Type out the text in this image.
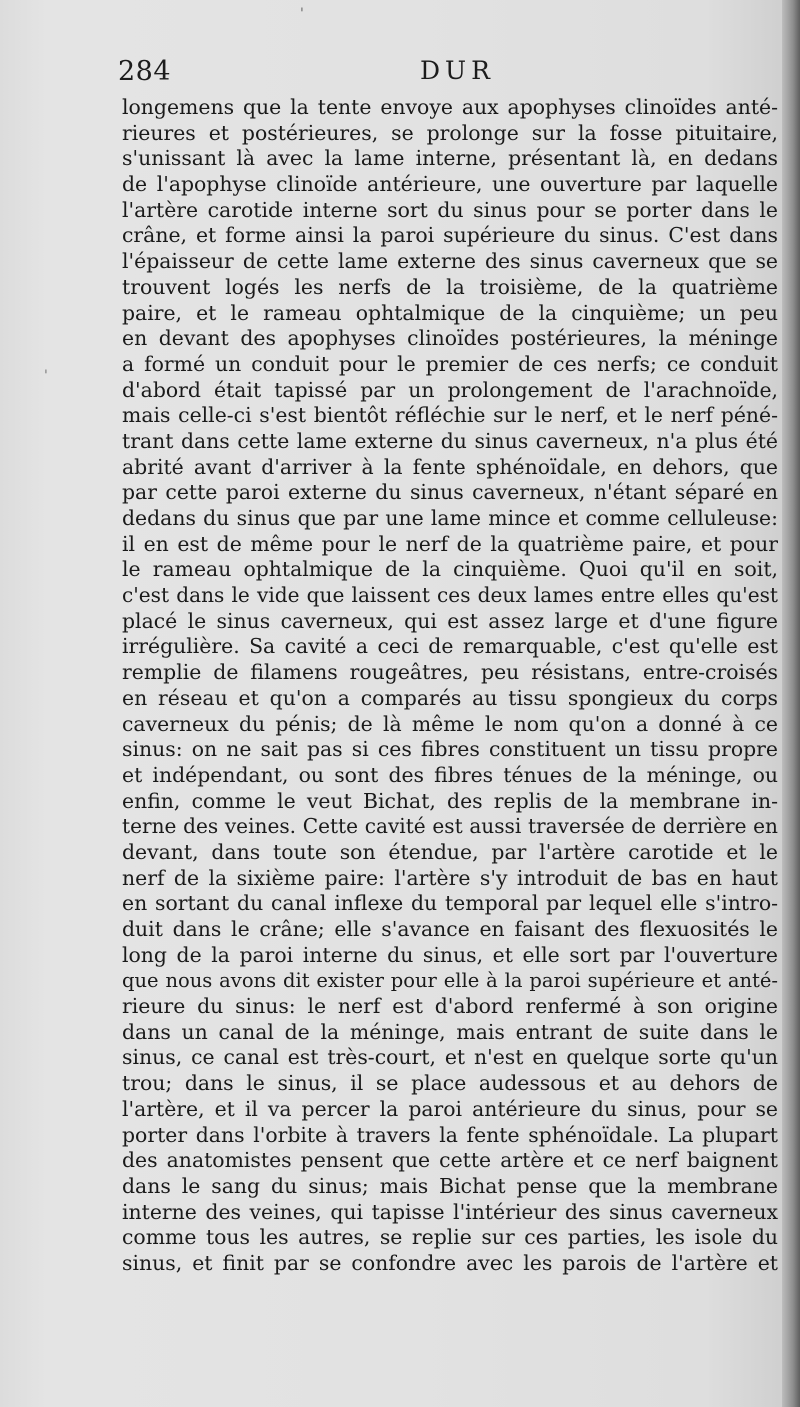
'
'
284	DUR
longemens que la tente envoye aux apophyses clinoïdes anté-
rieures et postérieures, se prolonge sur la fosse pituitaire,
s'unissant là avec la lame interne, présentant là, en dedans
de l'apophyse clinoïde antérieure, une ouverture par laquelle
l'artère carotide interne sort du sinus pour se porter dans le
crâne, et forme ainsi la paroi supérieure du sinus. C'est dans
l'épaisseur de cette lame externe des sinus caverneux que se
trouvent logés les nerfs de la troisième, de la quatrième
paire, et le rameau ophtalmique de la cinquième; un peu
en devant des apophyses clinoïdes postérieures, la méninge
a formé un conduit pour le premier de ces nerfs; ce conduit
d'abord était tapissé par un prolongement de l'arachnoïde,
mais celle-ci s'est bientôt réfléchie sur le nerf, et le nerf péné-
trant dans cette lame externe du sinus caverneux, n'a plus été
abrité avant d'arriver à la fente sphénoïdale, en dehors, que
par cette paroi externe du sinus caverneux, n'étant séparé en
dedans du sinus que par une lame mince et comme celluleuse:
il en est de même pour le nerf de la quatrième paire, et pour
le rameau ophtalmique de la cinquième. Quoi qu'il en soit,
c'est dans le vide que laissent ces deux lames entre elles qu'est
placé le sinus caverneux, qui est assez large et d'une figure
irrégulière. Sa cavité a ceci de remarquable, c'est qu'elle est
remplie de filamens rougeâtres, peu résistans, entre-croisés
en réseau et qu'on a comparés au tissu spongieux du corps
caverneux du pénis; de là même le nom qu'on a donné à ce
sinus: on ne sait pas si ces fibres constituent un tissu propre
et indépendant, ou sont des fibres ténues de la méninge, ou
enfin, comme le veut Bichat, des replis de la membrane in-
terne des veines. Cette cavité est aussi traversée de derrière en
devant, dans toute son étendue, par l'artère carotide et le
nerf de la sixième paire: l'artère s'y introduit de bas en haut
en sortant du canal inflexe du temporal par lequel elle s'intro-
duit dans le crâne; elle s'avance en faisant des flexuosités le
long de la paroi interne du sinus, et elle sort par l'ouverture
que nous avons dit exister pour elle à la paroi supérieure et anté-
rieure du sinus: le nerf est d'abord renfermé à son origine
dans un canal de la méninge, mais entrant de suite dans le
sinus, ce canal est très-court, et n'est en quelque sorte qu'un
trou; dans le sinus, il se place audessous et au dehors de
l'artère, et il va percer la paroi antérieure du sinus, pour se
porter dans l'orbite à travers la fente sphénoïdale. La plupart
des anatomistes pensent que cette artère et ce nerf baignent
dans le sang du sinus; mais Bichat pense que la membrane
interne des veines, qui tapisse l'intérieur des sinus caverneux
comme tous les autres, se replie sur ces parties, les isole du
sinus, et finit par se confondre avec les parois de l'artère et
